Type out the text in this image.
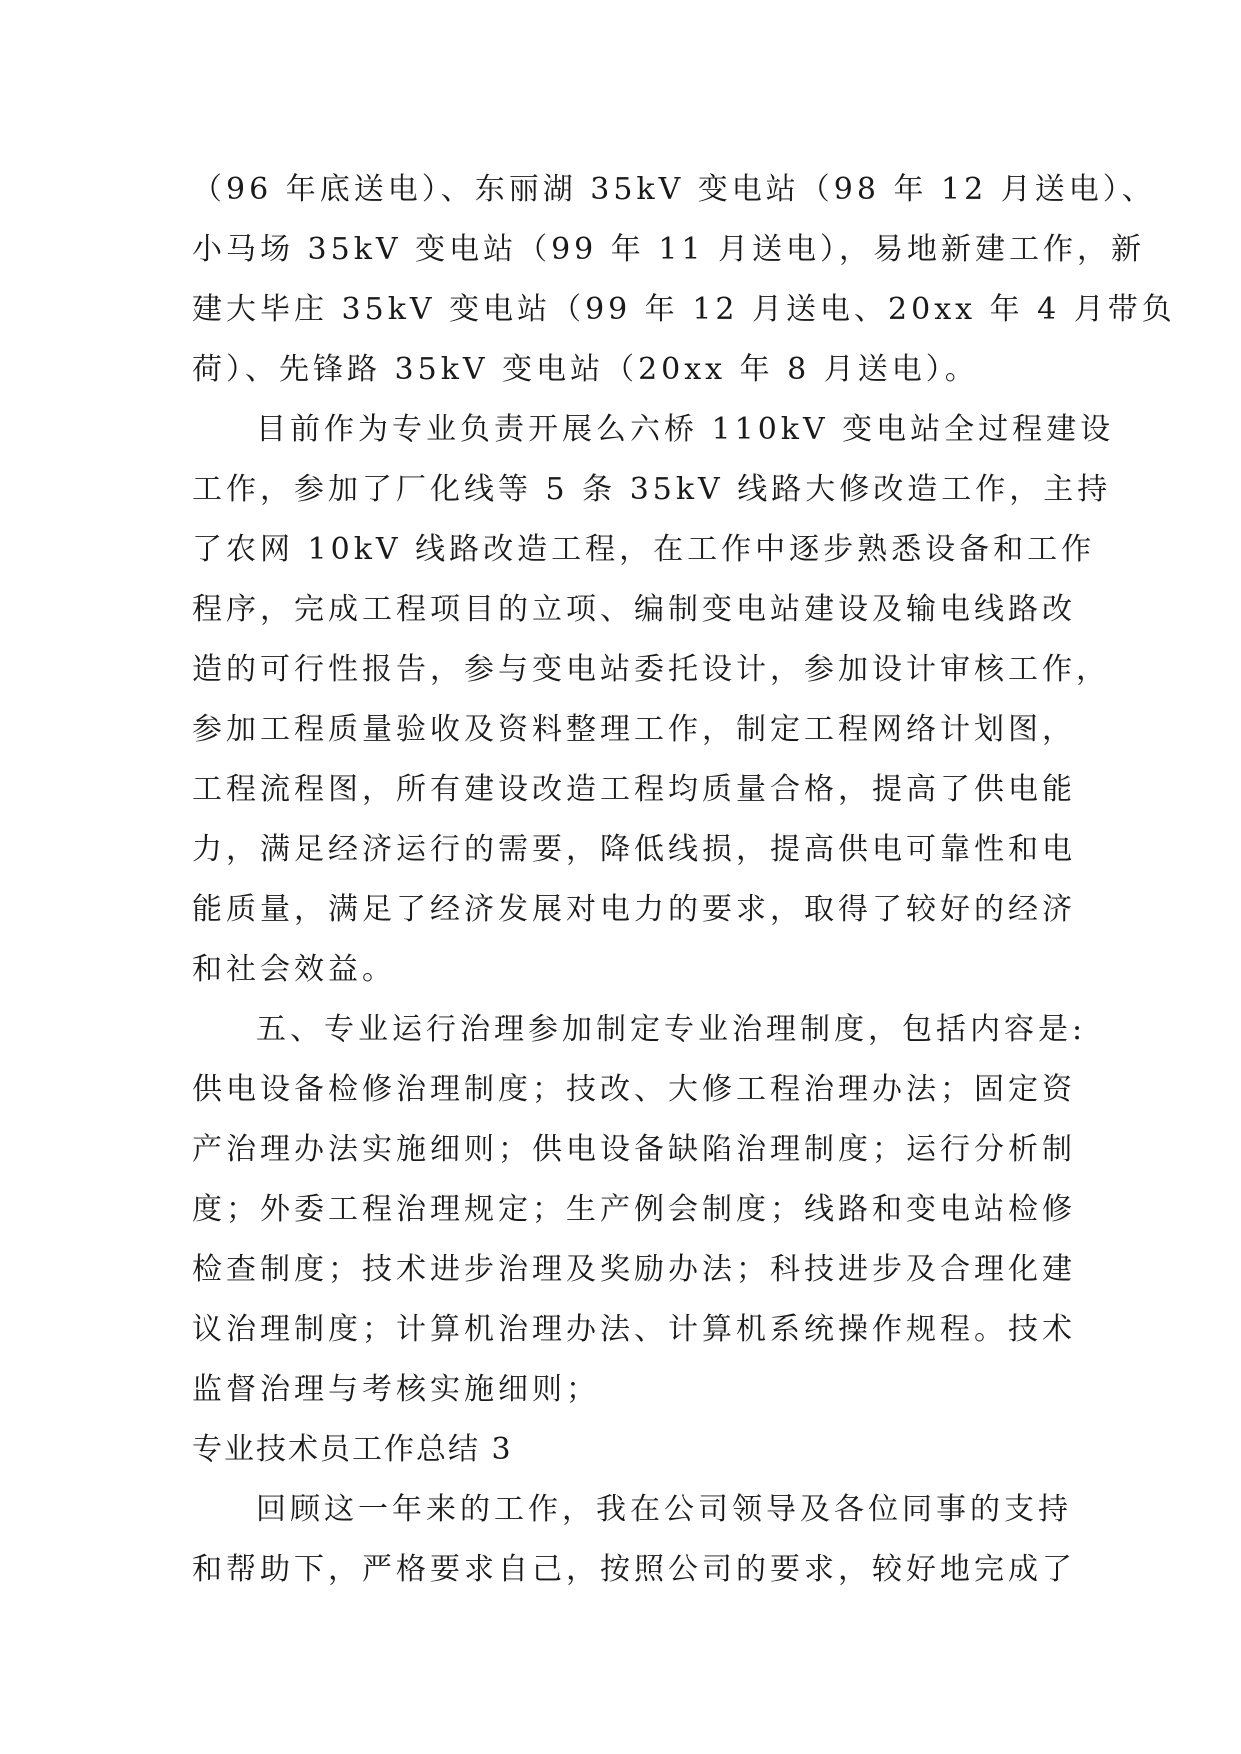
（96 年底送电）、东丽湖 35kV 变电站（98 年 12 月送电）、
小马场 35kV 变电站（99 年 11 月送电），易地新建工作，新
建大毕庄 35kV 变电站（99 年 12 月送电、20xx 年 4 月带负
荷）、先锋路 35kV 变电站（20xx 年 8 月送电）。
目前作为专业负责开展么六桥 110kV 变电站全过程建设
工作，参加了厂化线等 5 条 35kV 线路大修改造工作，主持
了农网 10kV 线路改造工程，在工作中逐步熟悉设备和工作
程序，完成工程项目的立项、编制变电站建设及输电线路改
造的可行性报告，参与变电站委托设计，参加设计审核工作，
参加工程质量验收及资料整理工作，制定工程网络计划图，
工程流程图，所有建设改造工程均质量合格，提高了供电能
力，满足经济运行的需要，降低线损，提高供电可靠性和电
能质量，满足了经济发展对电力的要求，取得了较好的经济
和社会效益。
五、专业运行治理参加制定专业治理制度，包括内容是:
供电设备检修治理制度；技改、大修工程治理办法；固定资
产治理办法实施细则；供电设备缺陷治理制度；运行分析制
度；外委工程治理规定；生产例会制度；线路和变电站检修
检查制度；技术进步治理及奖励办法；科技进步及合理化建
议治理制度；计算机治理办法、计算机系统操作规程。技术
监督治理与考核实施细则；
专业技术员工作总结 3
回顾这一年来的工作，我在公司领导及各位同事的支持
和帮助下，严格要求自己，按照公司的要求，较好地完成了
